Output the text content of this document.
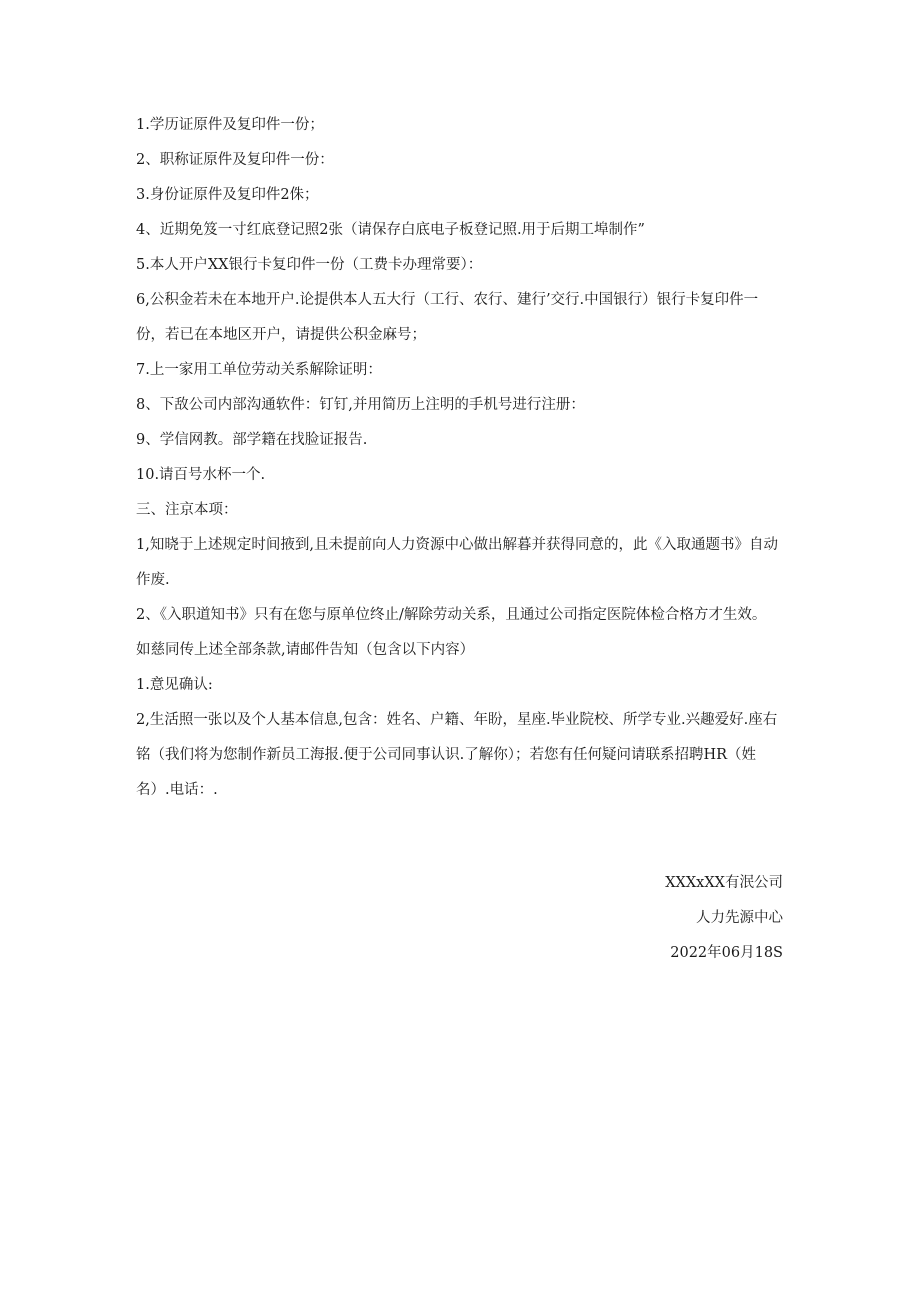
1.学历证原件及复印件一份；

2、职称证原件及复印件一份：

3.身份证原件及复印件2侏；

4、近期免笈一寸红底登记照2张（请保存白底电子板登记照.用于后期工埠制作”

5.本人开户XX银行卡复印件一份（工费卡办理常要）：

6,公积金若未在本地开户.论提供本人五大行（工行、农行、建行’交行.中国银行）银行卡复印件一份，若已在本地区开户，请提供公积金麻号；

7.上一家用工单位劳动关系解除证明：

8、下敌公司内部沟通软件：钉钉,并用简历上注明的手机号进行注册：

9、学信网教。部学籍在找脸证报告.

10.请百号水杯一个.

三、注京本项：

1,知晓于上述规定时间掖到,且未提前向人力资源中心做出解暮并获得同意的，此《入取通题书》自动作废.

2、《入职道知书》只有在您与原单位终止/解除劳动关系，且通过公司指定医院体检合格方才生效。

如慈同传上述全部条款,请邮件告知（包含以下内容）

1.意见确认:

2,生活照一张以及个人基本信息,包含：姓名、户籍、年盼，星座.毕业院校、所学专业.兴趣爱好.座右铭（我们将为您制作新员工海报.便于公司同事认识.了解你）；若您有任何疑问请联系招聘HR（姓名）.电话：.

XXXxXX有泯公司

人力先源中心

2022年06月18S
